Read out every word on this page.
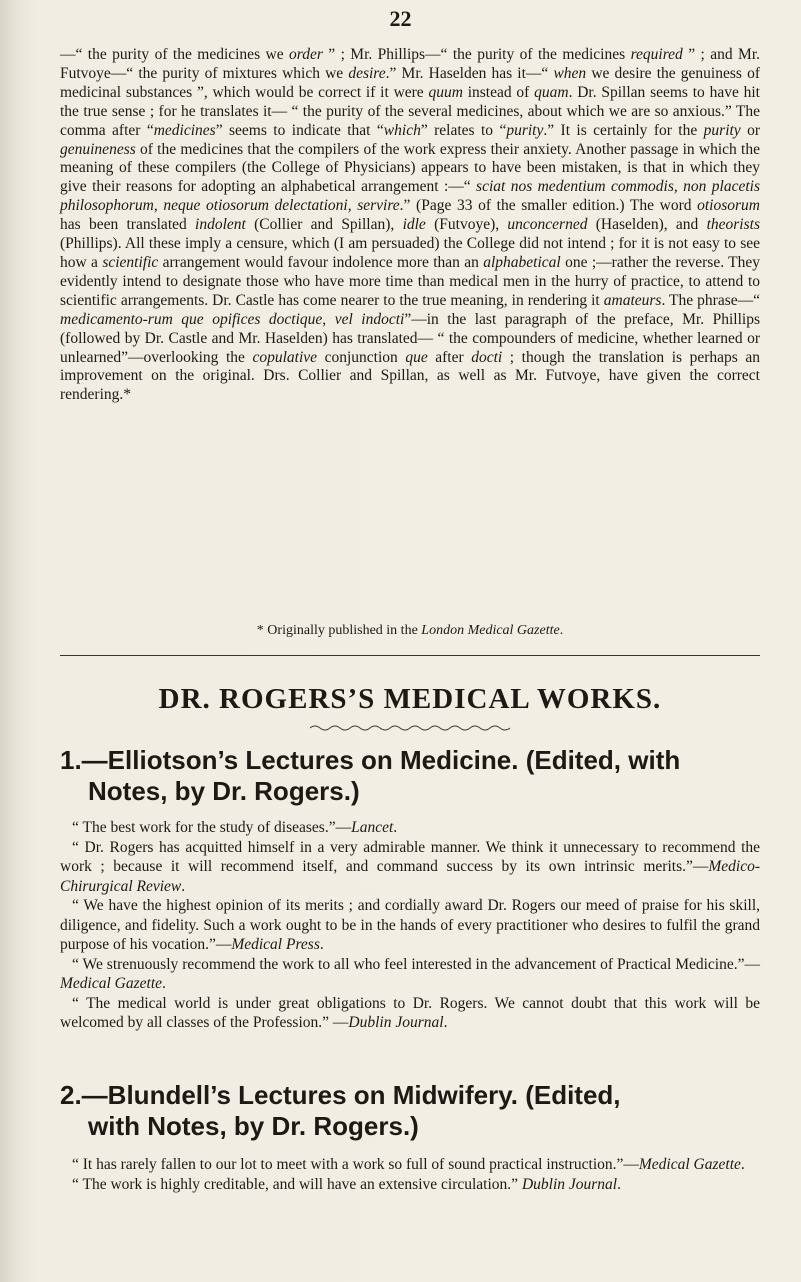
22
—“ the purity of the medicines we order ” ; Mr. Phillips—“ the purity of the medicines required ” ; and Mr. Futvoye—“ the purity of mixtures which we desire.” Mr. Haselden has it—“ when we desire the genuiness of medicinal substances ”, which would be correct if it were quum instead of quam. Dr. Spillan seems to have hit the true sense ; for he translates it— “ the purity of the several medicines, about which we are so anxious.” The comma after “medicines” seems to indicate that “which” relates to “purity.” It is certainly for the purity or genuineness of the medicines that the compilers of the work express their anxiety. Another passage in which the meaning of these compilers (the College of Physicians) appears to have been mistaken, is that in which they give their reasons for adopting an alphabetical arrangement :—“ sciat nos medentium commodis, non placetis philosophorum, neque otiosorum delectationi, servire.” (Page 33 of the smaller edition.) The word otiosorum has been translated indolent (Collier and Spillan), idle (Futvoye), unconcerned (Haselden), and theorists (Phillips). All these imply a censure, which (I am persuaded) the College did not intend ; for it is not easy to see how a scientific arrangement would favour indolence more than an alphabetical one ;—rather the reverse. They evidently intend to designate those who have more time than medical men in the hurry of practice, to attend to scientific arrangements. Dr. Castle has come nearer to the true meaning, in rendering it amateurs. The phrase—“ medicamento-rum que opifices doctique, vel indocti”—in the last paragraph of the preface, Mr. Phillips (followed by Dr. Castle and Mr. Haselden) has translated— “ the compounders of medicine, whether learned or unlearned”—overlooking the copulative conjunction que after docti ; though the translation is perhaps an improvement on the original. Drs. Collier and Spillan, as well as Mr. Futvoye, have given the correct rendering.*
* Originally published in the London Medical Gazette.
DR. ROGERS’S MEDICAL WORKS.
1.—Elliotson’s Lectures on Medicine. (Edited, with
Notes, by Dr. Rogers.)

“ The best work for the study of diseases.”—Lancet.

“ Dr. Rogers has acquitted himself in a very admirable manner. We think it unnecessary to recommend the work ; because it will recommend itself, and command success by its own intrinsic merits.”—Medico-Chirurgical Review.

“ We have the highest opinion of its merits ; and cordially award Dr. Rogers our meed of praise for his skill, diligence, and fidelity. Such a work ought to be in the hands of every practitioner who desires to fulfil the grand purpose of his vocation.”—Medical Press.

“ We strenuously recommend the work to all who feel interested in the advancement of Practical Medicine.”—Medical Gazette.

“ The medical world is under great obligations to Dr. Rogers. We cannot doubt that this work will be welcomed by all classes of the Profession.” —Dublin Journal.

2.—Blundell’s Lectures on Midwifery. (Edited,
with Notes, by Dr. Rogers.)

“ It has rarely fallen to our lot to meet with a work so full of sound practical instruction.”—Medical Gazette.

“ The work is highly creditable, and will have an extensive circulation.” Dublin Journal.
